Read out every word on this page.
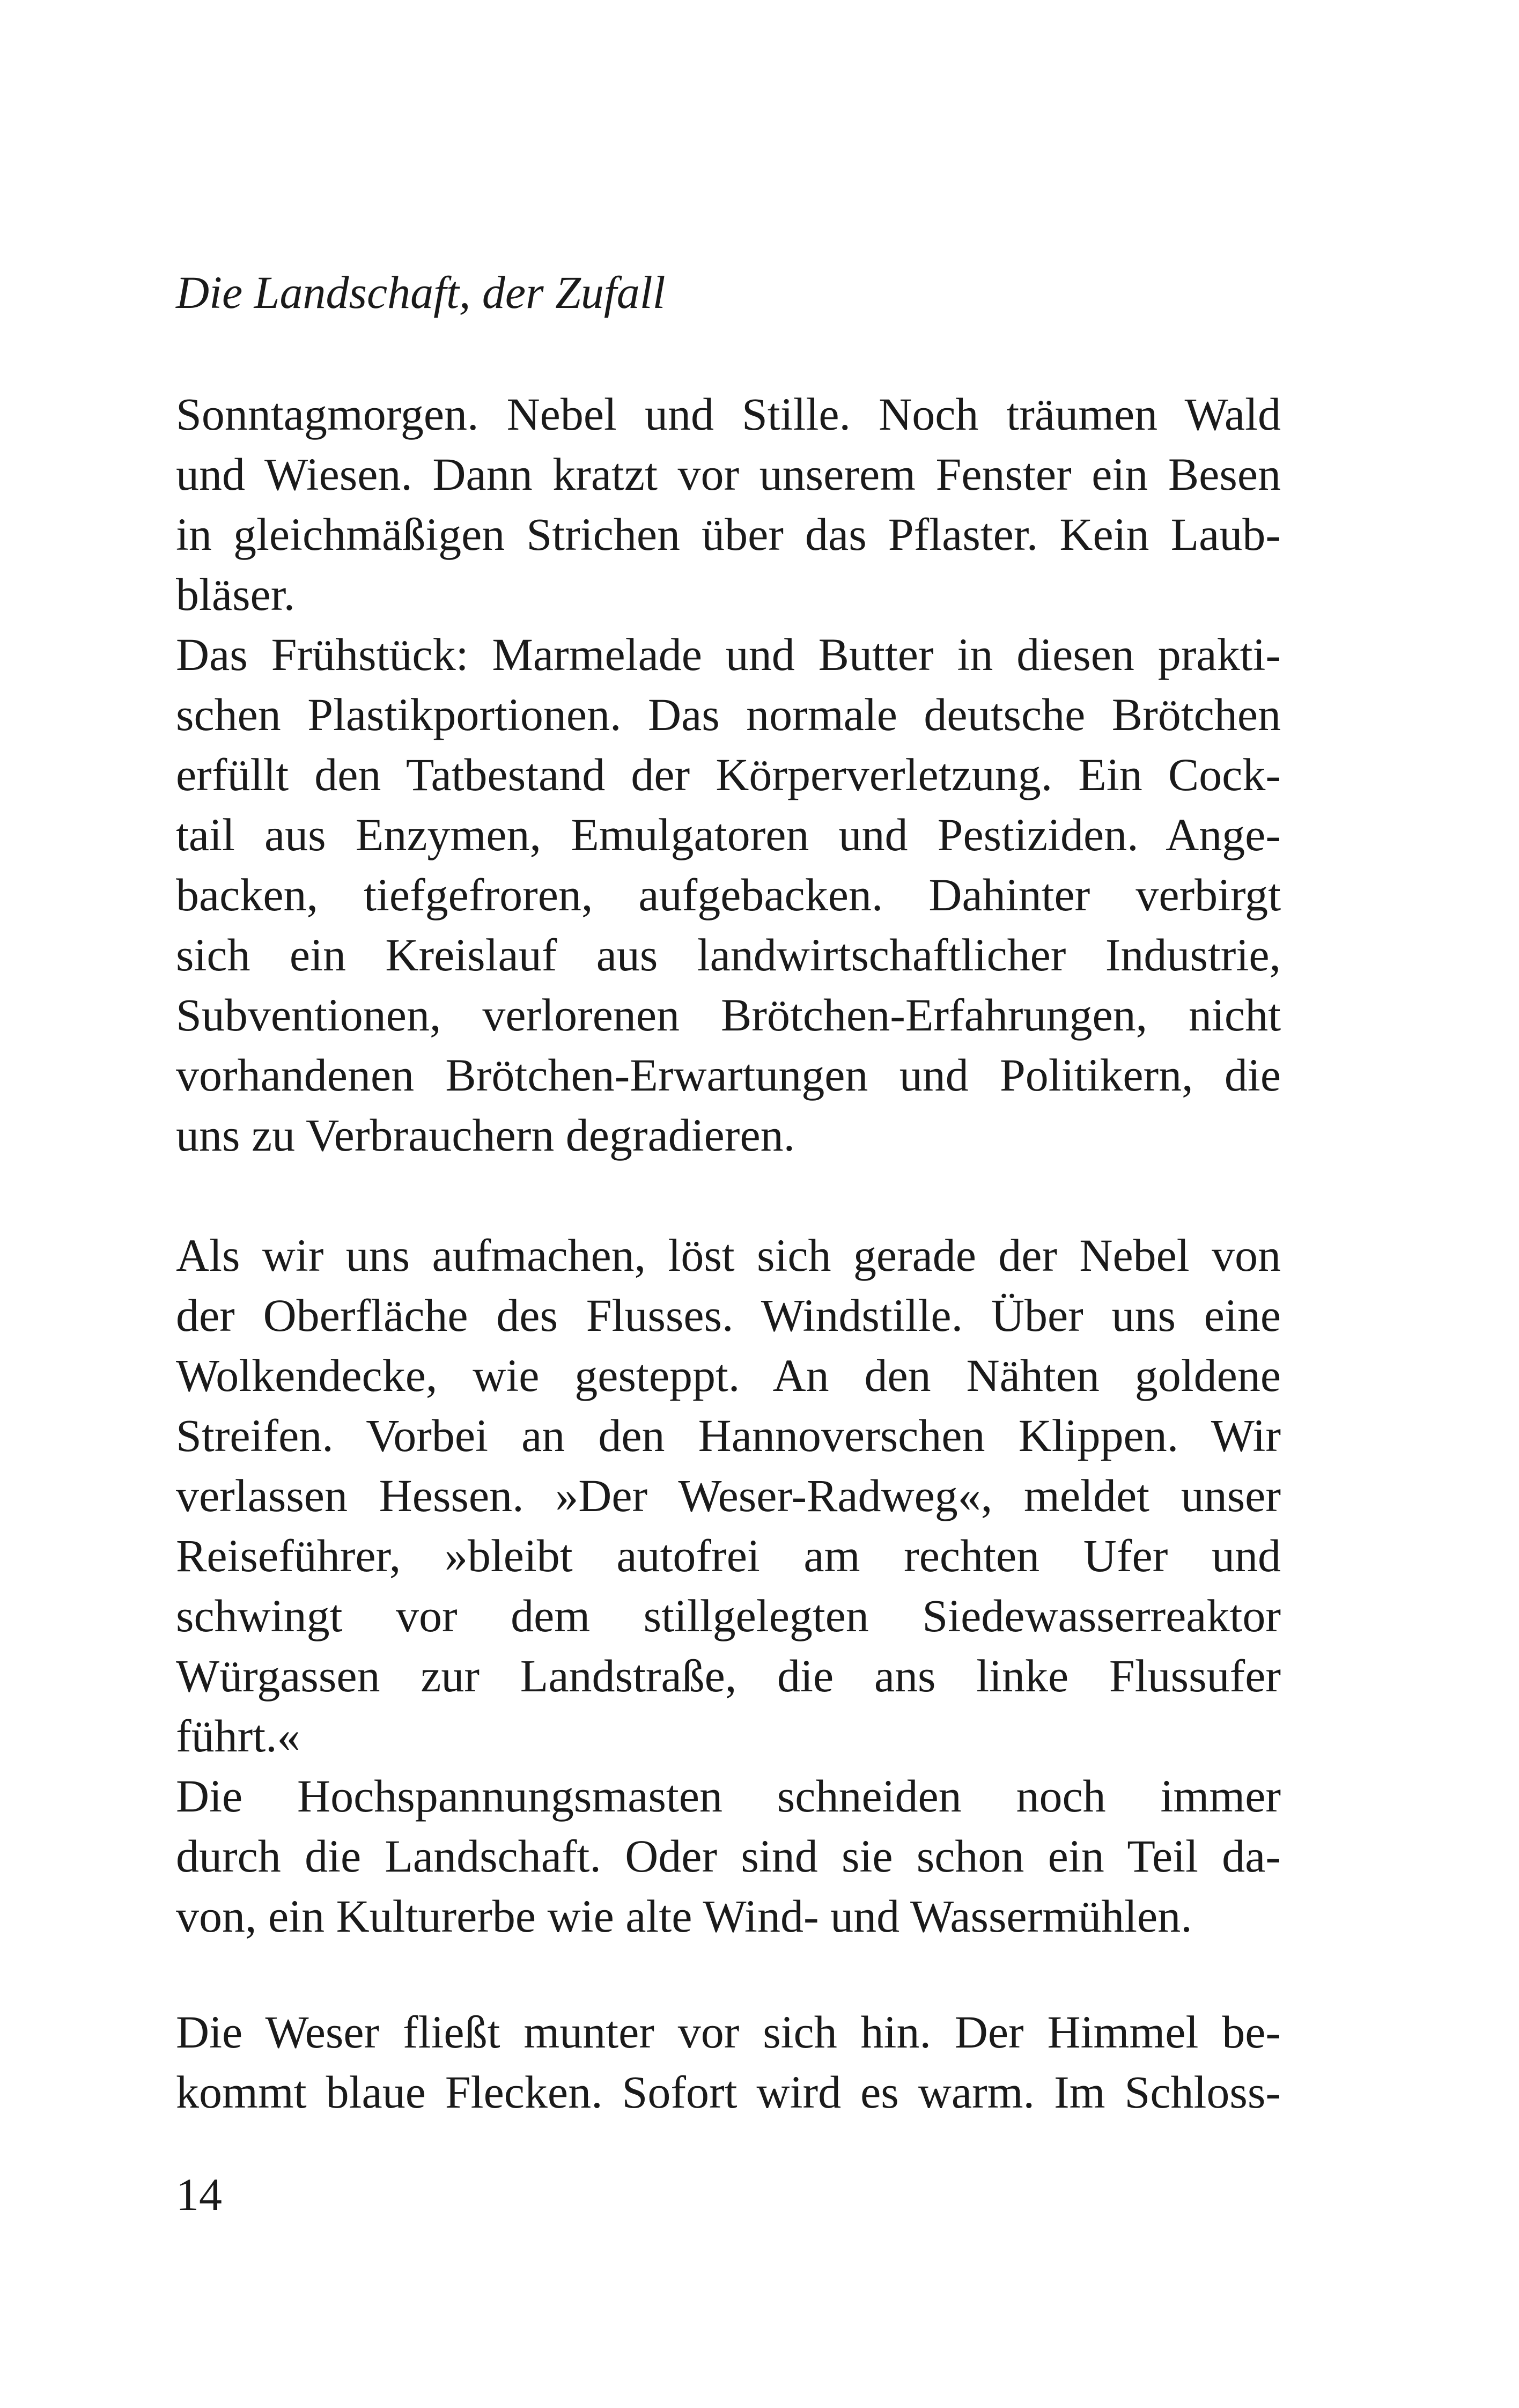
Die Landschaft, der Zufall
Sonntagmorgen. Nebel und Stille. Noch träumen Wald
und Wiesen. Dann kratzt vor unserem Fenster ein Besen
in gleichmäßigen Strichen über das Pflaster. Kein Laub-
bläser.
Das Frühstück: Marmelade und Butter in diesen prakti-
schen Plastikportionen. Das normale deutsche Brötchen
erfüllt den Tatbestand der Körperverletzung. Ein Cock-
tail aus Enzymen, Emulgatoren und Pestiziden. Ange-
backen, tiefgefroren, aufgebacken. Dahinter verbirgt
sich ein Kreislauf aus landwirtschaftlicher Industrie,
Subventionen, verlorenen Brötchen-Erfahrungen, nicht
vorhandenen Brötchen-Erwartungen und Politikern, die
uns zu Verbrauchern degradieren.
Als wir uns aufmachen, löst sich gerade der Nebel von
der Oberfläche des Flusses. Windstille. Über uns eine
Wolkendecke, wie gesteppt. An den Nähten goldene
Streifen. Vorbei an den Hannoverschen Klippen. Wir
verlassen Hessen. »Der Weser-Radweg«, meldet unser
Reiseführer, »bleibt autofrei am rechten Ufer und
schwingt vor dem stillgelegten Siedewasserreaktor
Würgassen zur Landstraße, die ans linke Flussufer
führt.«
Die Hochspannungsmasten schneiden noch immer
durch die Landschaft. Oder sind sie schon ein Teil da-
von, ein Kulturerbe wie alte Wind- und Wassermühlen.
Die Weser fließt munter vor sich hin. Der Himmel be-
kommt blaue Flecken. Sofort wird es warm. Im Schloss-
14
